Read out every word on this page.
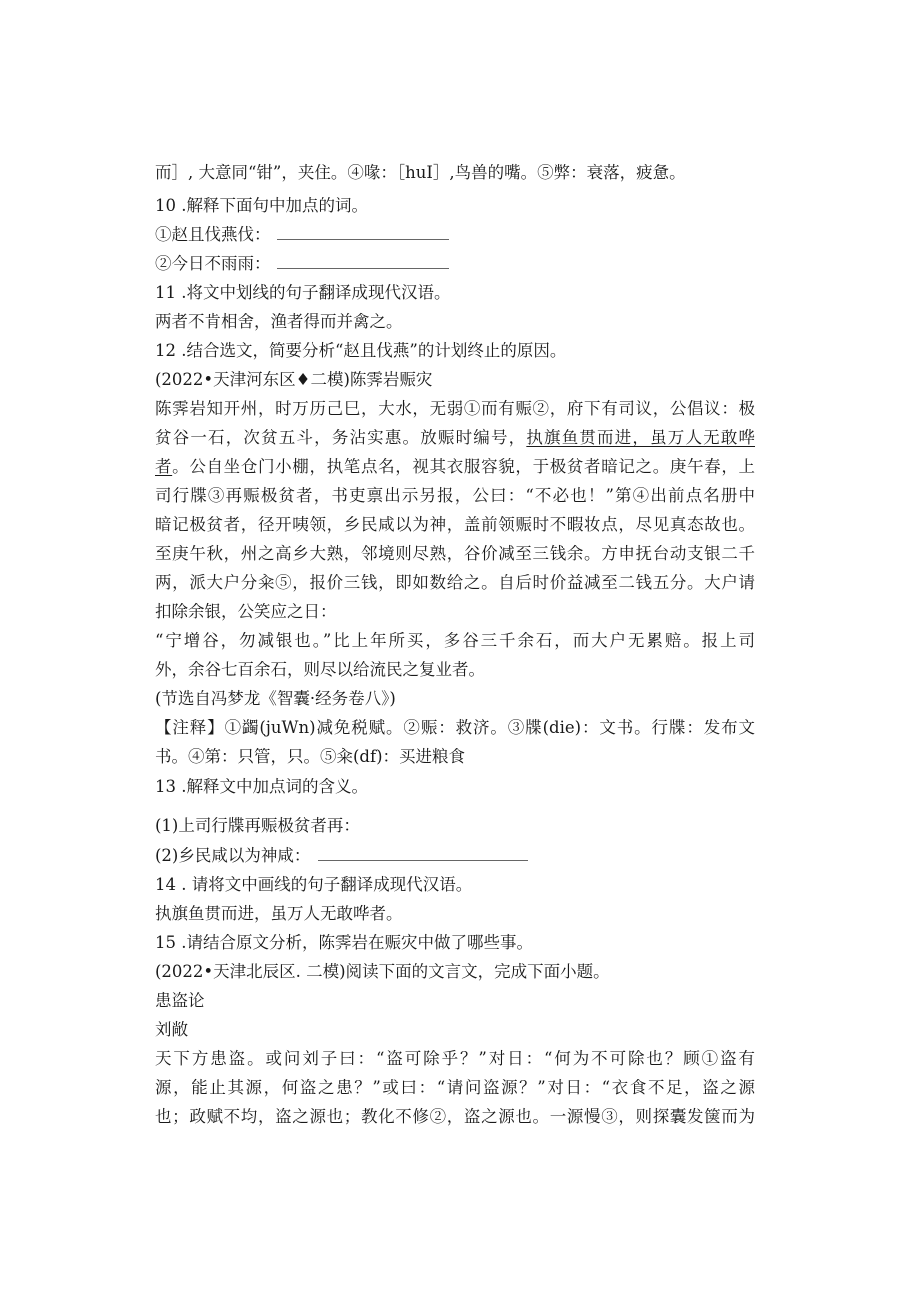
而］, 大意同“钳”，夹住。④喙：［huI］,鸟兽的嘴。⑤弊：衰落，疲惫。
10 .解释下面句中加点的词。
①赵且伐燕伐：
②今日不雨雨：
11 .将文中划线的句子翻译成现代汉语。
两者不肯相舍，渔者得而并禽之。
12 .结合选文，简要分析“赵且伐燕”的计划终止的原因。
(2022•天津河东区♦二模)陈霁岩赈灾
陈霁岩知开州，时万历己巳，大水，无弱①而有赈②，府下有司议，公倡议：极
贫谷一石，次贫五斗，务沾实惠。放赈时编号，执旗鱼贯而进，虽万人无敢哗
者。公自坐仓门小棚，执笔点名，视其衣服容貌，于极贫者暗记之。庚午春，上
司行牒③再赈极贫者，书吏禀出示另报，公曰：“不必也！”第④出前点名册中
暗记极贫者，径开咦领，乡民咸以为神，盖前领赈时不暇妆点，尽见真态故也。
至庚午秋，州之高乡大熟，邻境则尽熟，谷价减至三钱余。方申抚台动支银二千
两，派大户分籴⑤，报价三钱，即如数给之。自后时价益减至二钱五分。大户请
扣除余银，公笑应之日：
“宁增谷，勿减银也。”比上年所买，多谷三千余石，而大户无累赔。报上司
外，余谷七百余石，则尽以给流民之复业者。
(节选自冯梦龙《智囊·经务卷八》)
【注释】①蠲(juWn)减免税赋。②赈：救济。③牒(die)：文书。行牒：发布文
书。④第：只管，只。⑤籴(df)：买进粮食
13 .解释文中加点词的含义。
(1)上司行牒再赈极贫者再：
(2)乡民咸以为神咸：
14 . 请将文中画线的句子翻译成现代汉语。
执旗鱼贯而进，虽万人无敢哗者。
15 .请结合原文分析，陈霁岩在赈灾中做了哪些事。
(2022•天津北辰区. 二模)阅读下面的文言文，完成下面小题。
患盗论
刘敞
天下方患盗。或问刘子曰：“盗可除乎？”对日：“何为不可除也？顾①盗有
源，能止其源，何盗之患？”或曰：“请问盗源？”对日：“衣食不足，盗之源
也；政赋不均，盗之源也；教化不修②，盗之源也。一源慢③，则探囊发箧而为
